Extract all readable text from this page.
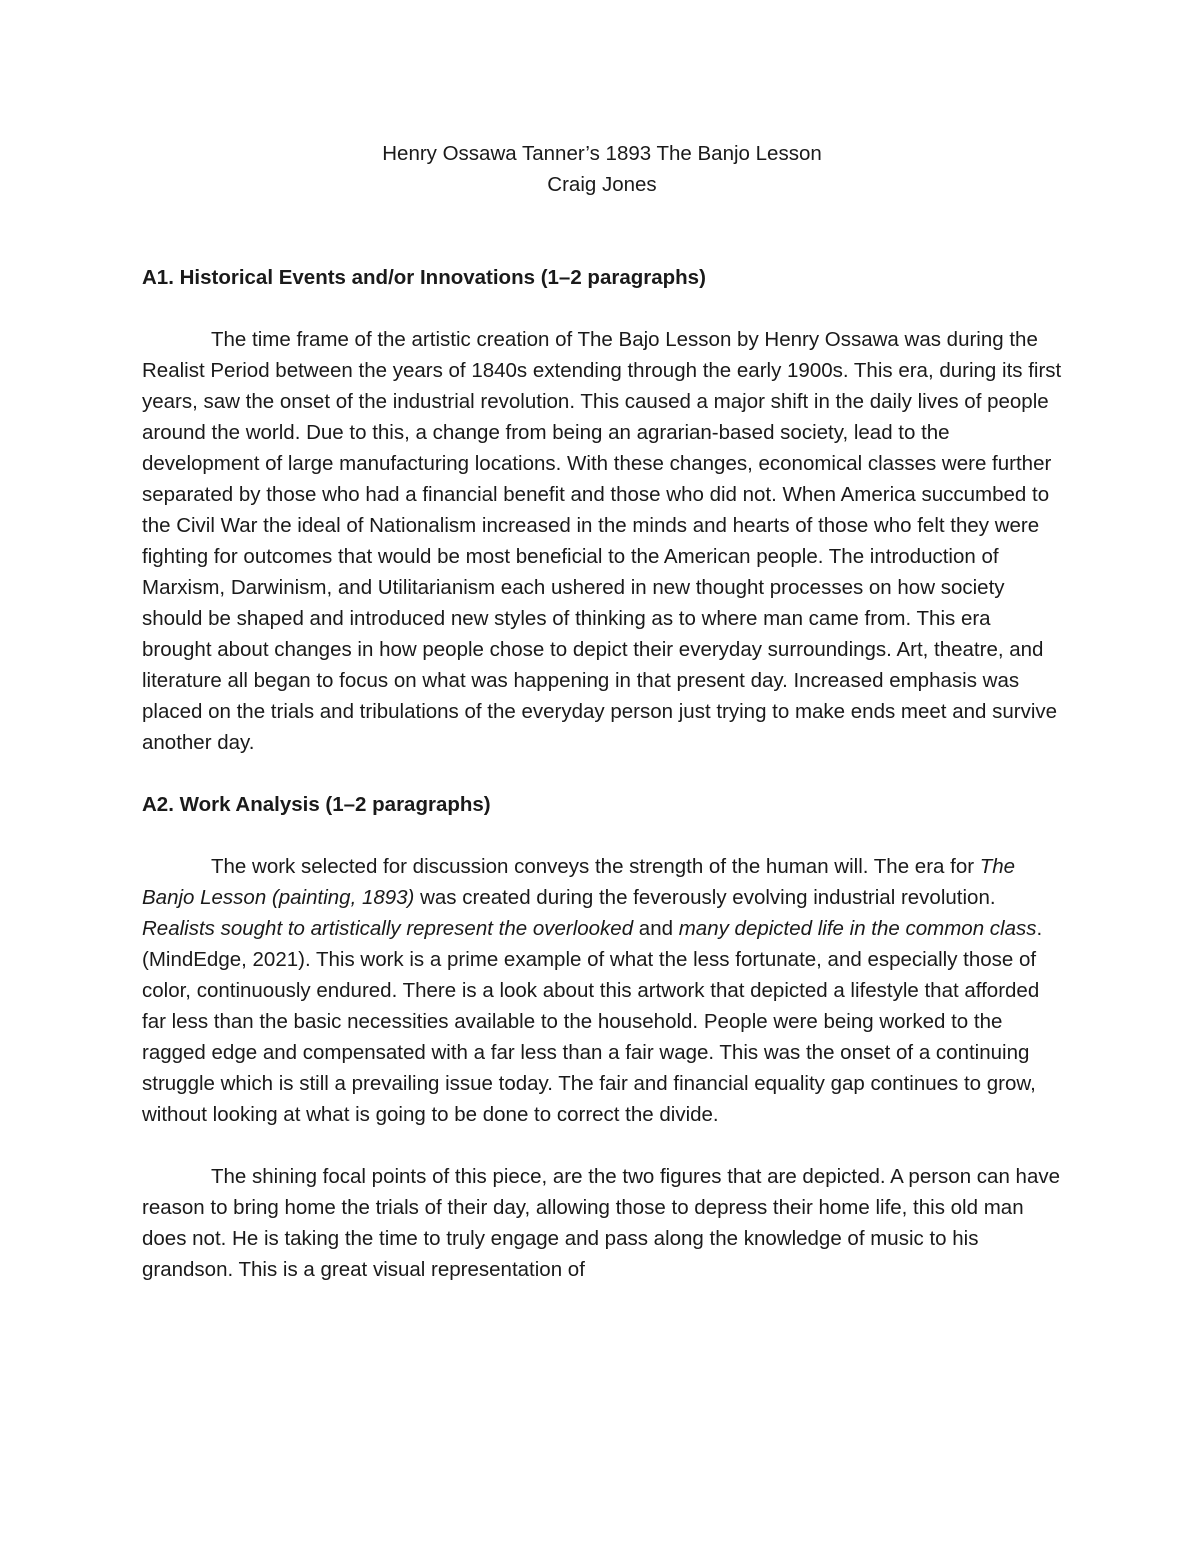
Henry Ossawa Tanner’s 1893 The Banjo Lesson
Craig Jones

A1. Historical Events and/or Innovations (1–2 paragraphs)

The time frame of the artistic creation of The Bajo Lesson by Henry Ossawa was during the Realist Period between the years of 1840s extending through the early 1900s. This era, during its first years, saw the onset of the industrial revolution. This caused a major shift in the daily lives of people around the world. Due to this, a change from being an agrarian-based society, lead to the development of large manufacturing locations. With these changes, economical classes were further separated by those who had a financial benefit and those who did not. When America succumbed to the Civil War the ideal of Nationalism increased in the minds and hearts of those who felt they were fighting for outcomes that would be most beneficial to the American people. The introduction of Marxism, Darwinism, and Utilitarianism each ushered in new thought processes on how society should be shaped and introduced new styles of thinking as to where man came from. This era brought about changes in how people chose to depict their everyday surroundings. Art, theatre, and literature all began to focus on what was happening in that present day. Increased emphasis was placed on the trials and tribulations of the everyday person just trying to make ends meet and survive another day.

A2. Work Analysis (1–2 paragraphs)

The work selected for discussion conveys the strength of the human will. The era for The Banjo Lesson (painting, 1893) was created during the feverously evolving industrial revolution. Realists sought to artistically represent the overlooked and many depicted life in the common class. (MindEdge, 2021). This work is a prime example of what the less fortunate, and especially those of color, continuously endured. There is a look about this artwork that depicted a lifestyle that afforded far less than the basic necessities available to the household. People were being worked to the ragged edge and compensated with a far less than a fair wage. This was the onset of a continuing struggle which is still a prevailing issue today. The fair and financial equality gap continues to grow, without looking at what is going to be done to correct the divide.

The shining focal points of this piece, are the two figures that are depicted. A person can have reason to bring home the trials of their day, allowing those to depress their home life, this old man does not. He is taking the time to truly engage and pass along the knowledge of music to his grandson. This is a great visual representation of
